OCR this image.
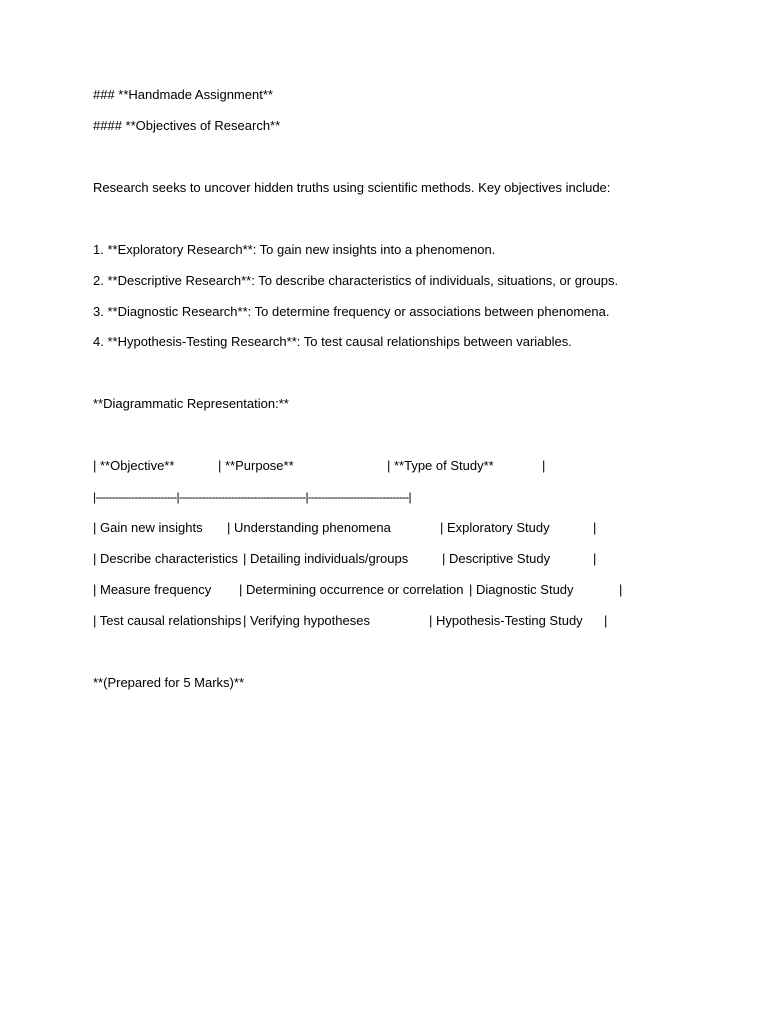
### **Handmade Assignment**
#### **Objectives of Research**
Research seeks to uncover hidden truths using scientific methods. Key objectives include:
1. **Exploratory Research**: To gain new insights into a phenomenon.
2. **Descriptive Research**: To describe characteristics of individuals, situations, or groups.
3. **Diagnostic Research**: To determine frequency or associations between phenomena.
4. **Hypothesis-Testing Research**: To test causal relationships between variables.
**Diagrammatic Representation:**
| **Objective**	| **Purpose**	| **Type of Study**	|
|-------------------------|---------------------------------------|-------------------------------|
| Gain new insights | Understanding phenomena	| Exploratory Study	|
| Describe characteristics | Detailing individuals/groups	| Descriptive Study	|
| Measure frequency | Determining occurrence or correlation | Diagnostic Study	|
| Test causal relationships | Verifying hypotheses	| Hypothesis-Testing Study |
**(Prepared for 5 Marks)**
